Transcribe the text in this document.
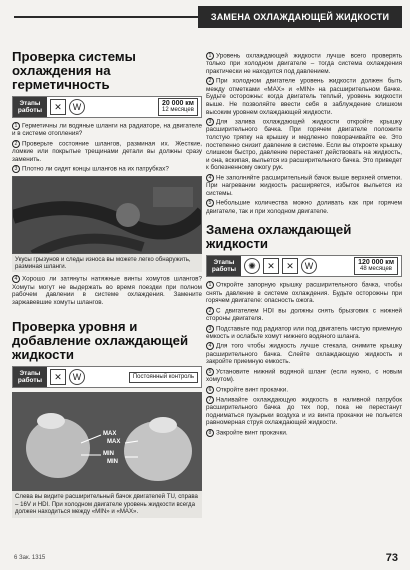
ЗАМЕНА ОХЛАЖДАЮЩЕЙ ЖИДКОСТИ
Проверка системы охлаждения на герметичность
Этапы работы	✕	W	20 000 км
12 месяцев

1 Герметичны ли водяные шланги на радиаторе, на двигателе и в системе отопления?

2 Проверьте состояние шлангов, разминая их. Жесткие, ломкие или покрытые трещинами детали вы должны сразу заменить.

3 Плотно ли сидят концы шлангов на их патрубках?

Укусы грызунов и следы износа вы можете легко обнаружить, разминая шланги.

4 Хорошо ли затянуты натяжные винты хомутов шлангов? Хомуты могут не выдержать во время поездки при полном рабочем давлении в системе охлаждения. Замените заржавевшие хомуты шлангов.

Проверка уровня и добавление охлаждающей жидкости
Этапы работы	✕	W	Постоянный контроль
MAX
MIN
MAX
MIN
Слева вы видите расширительный бачок двигателей TU, справа – 16V и HDI. При холодном двигателе уровень жидкости всегда должен находиться между «MIN» и «MAX».

1 Уровень охлаждающей жидкости лучше всего проверять только при холодном двигателе – тогда система охлаждения практически не находится под давлением.

2 При холодном двигателе уровень жидкости должен быть между отметками «MAX» и «MIN» на расширительном бачке. Будьте осторожны: когда двигатель теплый, уровень жидкости выше. Не позволяйте ввести себя в заблуждение слишком высоким уровнем охлаждающей жидкости.

3 Для залива охлаждающей жидкости откройте крышку расширительного бачка. При горячем двигателе положите толстую тряпку на крышку и медленно поворачивайте ее. Это постепенно снизит давление в системе. Если вы откроете крышку слишком быстро, давление перестанет действовать на жидкость, и она, вскипая, выльется из расширительного бачка. Это приведет к болезненному ожогу рук.

4 Не заполняйте расширительный бачок выше верхней отметки. При нагревании жидкость расширяется, избыток выльется из системы.

5 Небольшие количества можно доливать как при горячем двигателе, так и при холодном двигателе.

Замена охлаждающей жидкости
Этапы работы	✺	✕	✕	W	120 000 км
48 месяцев

1 Откройте запорную крышку расширительного бачка, чтобы снять давление в системе охлаждения. Будьте осторожны при горячем двигателе: опасность ожога.

2 С двигателем HDI вы должны снять брызговик с нижней стороны двигателя.

3 Подставьте под радиатор или под двигатель чистую приемную емкость и ослабьте хомут нижнего водяного шланга.

4 Для того чтобы жидкость лучше стекала, снимите крышку расширительного бачка. Слейте охлаждающую жидкость и закройте приемную емкость.

5 Установите нижний водяной шланг (если нужно, с новым хомутом).

6 Откройте винт прокачки.

7 Наливайте охлаждающую жидкость в наливной патрубок расширительного бачка до тех пор, пока не перестанут подниматься пузырьки воздуха и из винта прокачки не польется равномерная струя охлаждающей жидкости.

8 Закройте винт прокачки.

6 Зак. 1315	73
